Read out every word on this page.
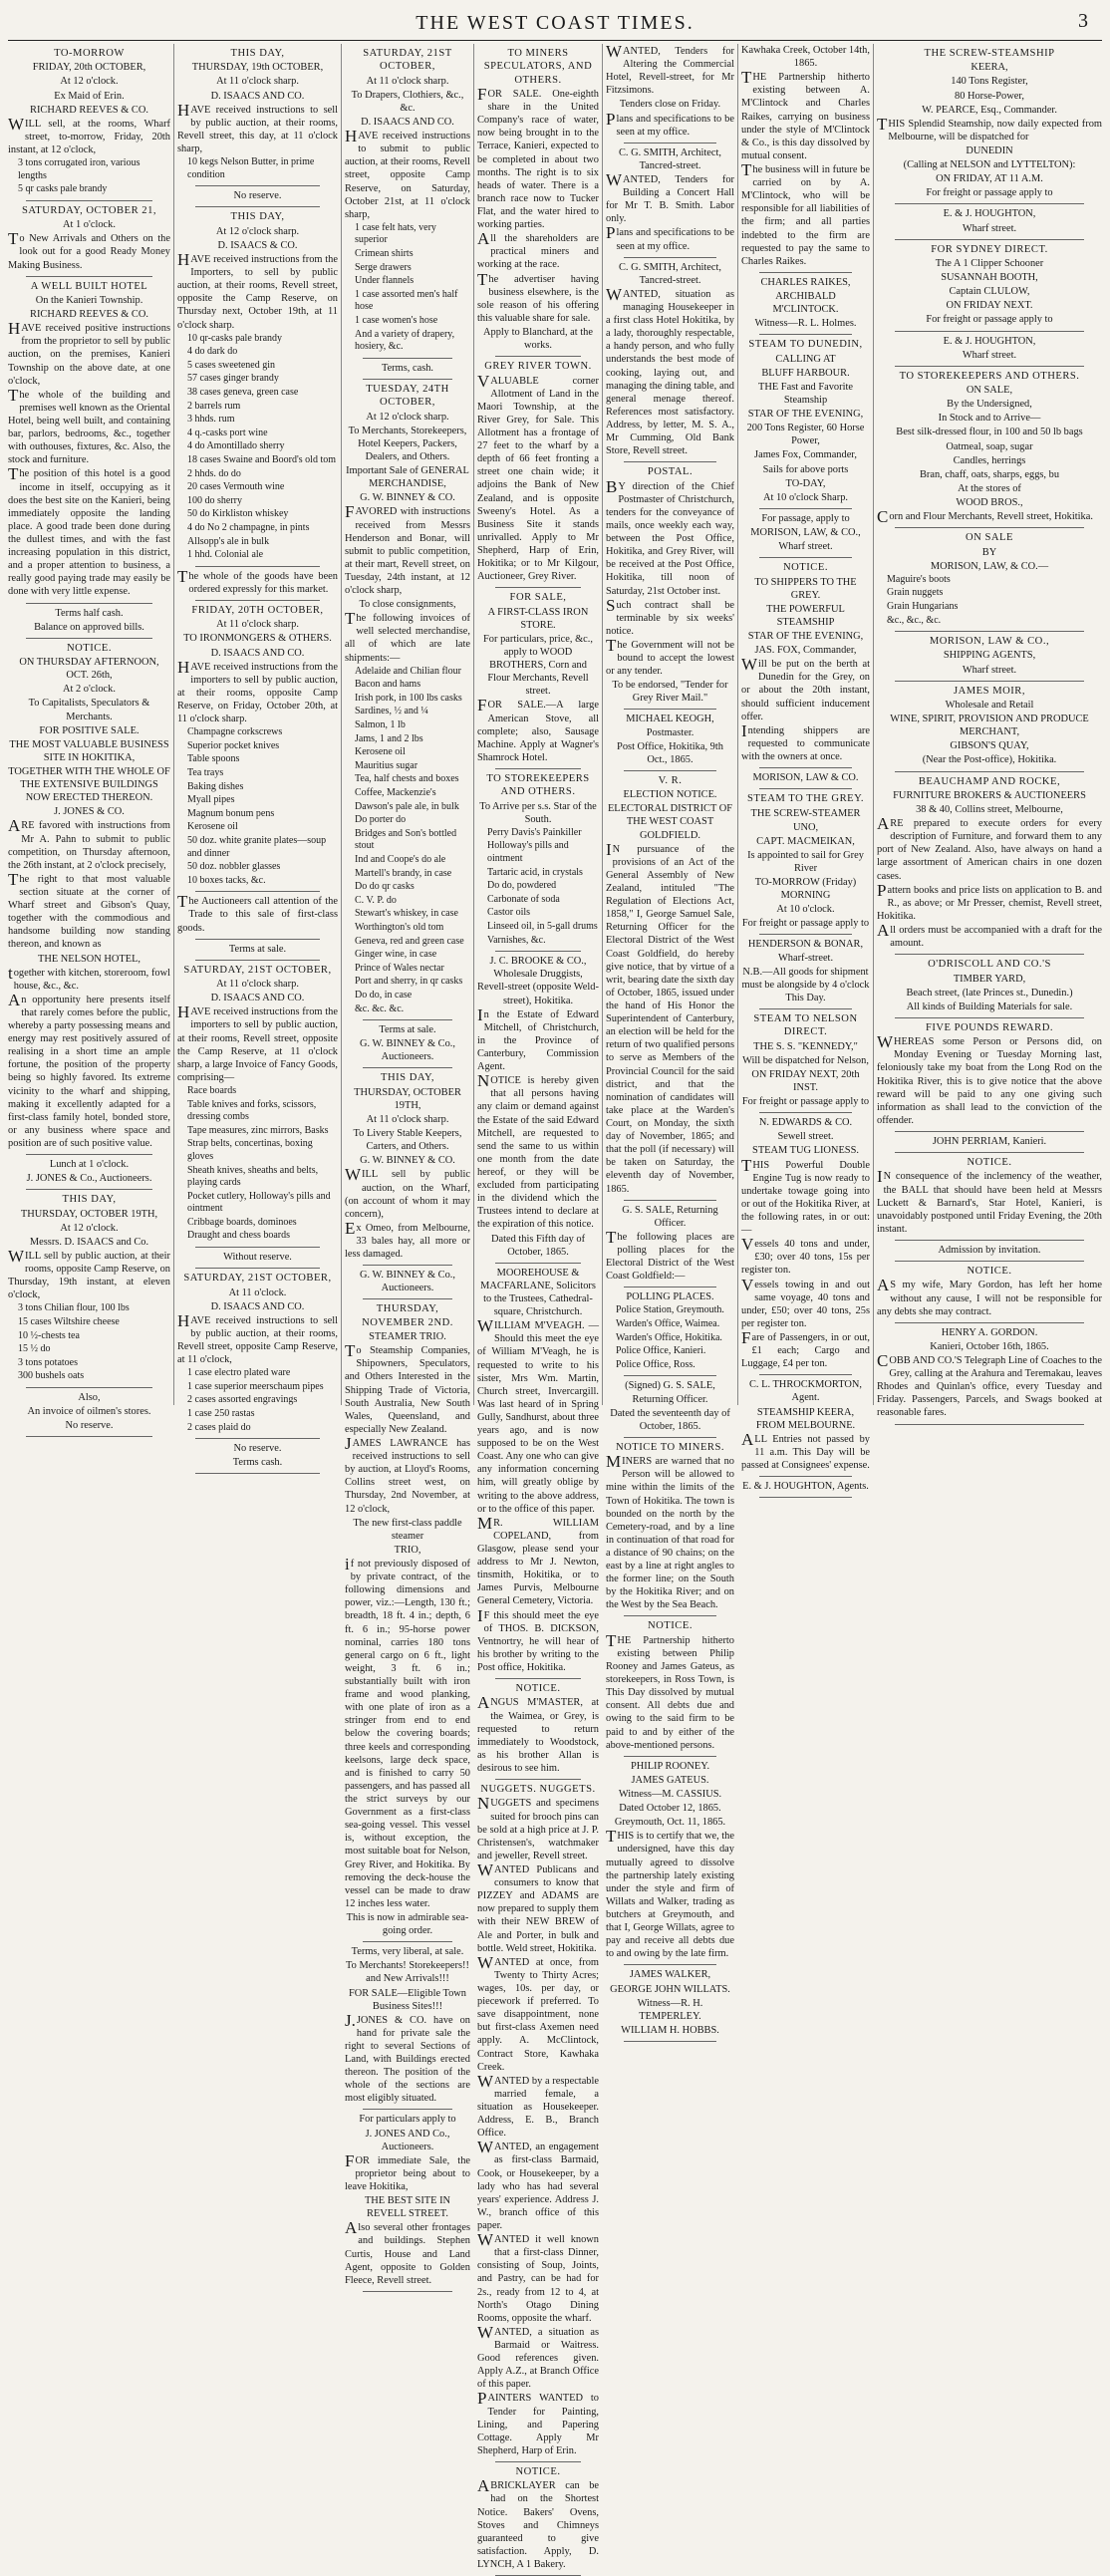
THE WEST COAST TIMES.	3
TO-MORROW
FRIDAY, 20th OCTOBER,
At 12 o'clock.
Ex Maid of Erin.
RICHARD REEVES & CO.
WILL sell, at the rooms, Wharf street, to-morrow, Friday, 20th instant, at 12 o'clock,
3 tons corrugated iron, various lengths
5 qr casks pale brandy
SATURDAY, OCTOBER 21,
At 1 o'clock.
To New Arrivals and Others on the look out for a good Ready Money Making Business.
A WELL BUILT HOTEL
On the Kanieri Township.
RICHARD REEVES & CO.
HAVE received positive instructions from the proprietor to sell by public auction, on the premises, Kanieri Township on the above date, at one o'clock,
The whole of the building and premises well known as the Oriental Hotel, being well built, and containing bar, parlors, bedrooms, &c., together with outhouses, fixtures, &c. Also, the stock and furniture.
The position of this hotel is a good income in itself, occupying as it does the best site on the Kanieri, being immediately opposite the landing place. A good trade been done during the dullest times, and with the fast increasing population in this district, and a proper attention to business, a really good paying trade may easily be done with very little expense.
Terms half cash.
Balance on approved bills.
NOTICE.
ON THURSDAY AFTERNOON, OCT. 26th,
At 2 o'clock.
To Capitalists, Speculators & Merchants.
FOR POSITIVE SALE.
THE MOST VALUABLE BUSINESS SITE IN HOKITIKA,
TOGETHER WITH THE WHOLE OF THE EXTENSIVE BUILDINGS NOW ERECTED THEREON.
J. JONES & CO.
ARE favored with instructions from Mr A. Pahn to submit to public competition, on Thursday afternoon, the 26th instant, at 2 o'clock precisely,
The right to that most valuable section situate at the corner of Wharf street and Gibson's Quay, together with the commodious and handsome building now standing thereon, and known as
THE NELSON HOTEL,
together with kitchen, storeroom, fowl house, &c., &c.
An opportunity here presents itself that rarely comes before the public, whereby a party possessing means and energy may rest positively assured of realising in a short time an ample fortune, the position of the property being so highly favored. Its extreme vicinity to the wharf and shipping, making it excellently adapted for a first-class family hotel, bonded store, or any business where space and position are of such positive value.
Lunch at 1 o'clock.
J. JONES & Co., Auctioneers.
THIS DAY,
THURSDAY, OCTOBER 19TH,
At 12 o'clock.
Messrs. D. ISAACS and Co.
WILL sell by public auction, at their rooms, opposite Camp Reserve, on Thursday, 19th instant, at eleven o'clock,
3 tons Chilian flour, 100 lbs
15 cases Wiltshire cheese
10 ½-chests tea
15 ½ do
3 tons potatoes
300 bushels oats
Also,
An invoice of oilmen's stores.
No reserve.
THIS DAY,
THURSDAY, 19th OCTOBER,
At 11 o'clock sharp.
D. ISAACS AND CO.
HAVE received instructions to sell by public auction, at their rooms, Revell street, this day, at 11 o'clock sharp,
10 kegs Nelson Butter, in prime condition
No reserve.
THIS DAY,
At 12 o'clock sharp.
D. ISAACS & CO.
HAVE received instructions from the Importers, to sell by public auction, at their rooms, Revell street, opposite the Camp Reserve, on Thursday next, October 19th, at 11 o'clock sharp.
10 qr-casks pale brandy
4 do dark do
5 cases sweetened gin
57 cases ginger brandy
38 cases geneva, green case
2 barrels rum
3 hhds. rum
4 q.-casks port wine
4 do Amontillado sherry
18 cases Swaine and Boord's old tom
2 hhds. do do
20 cases Vermouth wine
100 do sherry
50 do Kirkliston whiskey
4 do No 2 champagne, in pints
Allsopp's ale in bulk
1 hhd. Colonial ale
The whole of the goods have been ordered expressly for this market.
FRIDAY, 20TH OCTOBER,
At 11 o'clock sharp.
TO IRONMONGERS & OTHERS.
D. ISAACS AND CO.
HAVE received instructions from the importers to sell by public auction, at their rooms, opposite Camp Reserve, on Friday, October 20th, at 11 o'clock sharp.
Champagne corkscrews
Superior pocket knives
Table spoons
Tea trays
Baking dishes
Myall pipes
Magnum bonum pens
Kerosene oil
50 doz. white granite plates—soup and dinner
50 doz. nobbler glasses
10 boxes tacks, &c.
The Auctioneers call attention of the Trade to this sale of first-class goods.
Terms at sale.
SATURDAY, 21ST OCTOBER,
At 11 o'clock sharp.
D. ISAACS AND CO.
HAVE received instructions from the importers to sell by public auction, at their rooms, Revell street, opposite the Camp Reserve, at 11 o'clock sharp, a large Invoice of Fancy Goods, comprising—
Race boards
Table knives and forks, scissors, dressing combs
Tape measures, zinc mirrors, Basks
Strap belts, concertinas, boxing gloves
Sheath knives, sheaths and belts, playing cards
Pocket cutlery, Holloway's pills and ointment
Cribbage boards, dominoes
Draught and chess boards
Without reserve.
SATURDAY, 21ST OCTOBER,
At 11 o'clock.
D. ISAACS AND CO.
HAVE received instructions to sell by public auction, at their rooms, Revell street, opposite Camp Reserve, at 11 o'clock,
1 case electro plated ware
1 case superior meerschaum pipes
2 cases assorted engravings
1 case 250 rastas
2 cases plaid do
No reserve.
Terms cash.
SATURDAY, 21ST OCTOBER,
At 11 o'clock sharp.
To Drapers, Clothiers, &c., &c.
D. ISAACS AND CO.
HAVE received instructions to submit to public auction, at their rooms, Revell street, opposite Camp Reserve, on Saturday, October 21st, at 11 o'clock sharp,
1 case felt hats, very superior
Crimean shirts
Serge drawers
Under flannels
1 case assorted men's half hose
1 case women's hose
And a variety of drapery, hosiery, &c.
Terms, cash.
TUESDAY, 24TH OCTOBER,
At 12 o'clock sharp.
To Merchants, Storekeepers, Hotel Keepers, Packers, Dealers, and Others.
Important Sale of GENERAL MERCHANDISE,
G. W. BINNEY & CO.
FAVORED with instructions received from Messrs Henderson and Bonar, will submit to public competition, at their mart, Revell street, on Tuesday, 24th instant, at 12 o'clock sharp,
To close consignments,
The following invoices of well selected merchandise, all of which are late shipments:—
Adelaide and Chilian flour
Bacon and hams
Irish pork, in 100 lbs casks
Sardines, ½ and ¼
Salmon, 1 lb
Jams, 1 and 2 lbs
Kerosene oil
Mauritius sugar
Tea, half chests and boxes
Coffee, Mackenzie's
Dawson's pale ale, in bulk
Do porter do
Bridges and Son's bottled stout
Ind and Coope's do ale
Martell's brandy, in case
Do do qr casks
C. V. P. do
Stewart's whiskey, in case
Worthington's old tom
Geneva, red and green case
Ginger wine, in case
Prince of Wales nectar
Port and sherry, in qr casks
Do do, in case
&c. &c. &c.
Terms at sale.
G. W. BINNEY & Co., Auctioneers.
THIS DAY,
THURSDAY, OCTOBER 19TH,
At 11 o'clock sharp.
To Livery Stable Keepers, Carters, and Others.
G. W. BINNEY & CO.
WILL sell by public auction, on the Wharf, (on account of whom it may concern),
Ex Omeo, from Melbourne, 33 bales hay, all more or less damaged.
G. W. BINNEY & Co., Auctioneers.
THURSDAY, NOVEMBER 2ND.
STEAMER TRIO.
To Steamship Companies, Shipowners, Speculators, and Others Interested in the Shipping Trade of Victoria, South Australia, New South Wales, Queensland, and especially New Zealand.
JAMES LAWRANCE has received instructions to sell by auction, at Lloyd's Rooms, Collins street west, on Thursday, 2nd November, at 12 o'clock,
The new first-class paddle steamer
TRIO,
if not previously disposed of by private contract, of the following dimensions and power, viz.:—Length, 130 ft.; breadth, 18 ft. 4 in.; depth, 6 ft. 6 in.; 95-horse power nominal, carries 180 tons general cargo on 6 ft., light weight, 3 ft. 6 in.; substantially built with iron frame and wood planking, with one plate of iron as a stringer from end to end below the covering boards; three keels and corresponding keelsons, large deck space, and is finished to carry 50 passengers, and has passed all the strict surveys by our Government as a first-class sea-going vessel. This vessel is, without exception, the most suitable boat for Nelson, Grey River, and Hokitika. By removing the deck-house the vessel can be made to draw 12 inches less water.
This is now in admirable sea-going order.
Terms, very liberal, at sale.
To Merchants! Storekeepers!! and New Arrivals!!!
FOR SALE—Eligible Town Business Sites!!!
J.JONES & CO. have on hand for private sale the right to several Sections of Land, with Buildings erected thereon. The position of the whole of the sections are most eligibly situated.
For particulars apply to
J. JONES AND Co., Auctioneers.
FOR immediate Sale, the proprietor being about to leave Hokitika,
THE BEST SITE IN REVELL STREET.
Also several other frontages and buildings. Stephen Curtis, House and Land Agent, opposite to Golden Fleece, Revell street.
TO MINERS SPECULATORS, AND OTHERS.
FOR SALE. One-eighth share in the United Company's race of water, now being brought in to the Terrace, Kanieri, expected to be completed in about two months. The right is to six heads of water. There is a branch race now to Tucker Flat, and the water hired to working parties.
All the shareholders are practical miners and working at the race.
The advertiser having business elsewhere, is the sole reason of his offering this valuable share for sale.
Apply to Blanchard, at the works.
GREY RIVER TOWN.
VALUABLE corner Allotment of Land in the Maori Township, at the River Grey, for Sale. This Allotment has a frontage of 27 feet to the wharf by a depth of 66 feet fronting a street one chain wide; it adjoins the Bank of New Zealand, and is opposite Sweeny's Hotel. As a Business Site it stands unrivalled. Apply to Mr Shepherd, Harp of Erin, Hokitika; or to Mr Kilgour, Auctioneer, Grey River.
FOR SALE,
A FIRST-CLASS IRON STORE.
For particulars, price, &c., apply to WOOD BROTHERS, Corn and Flour Merchants, Revell street.
FOR SALE.—A large American Stove, all complete; also, Sausage Machine. Apply at Wagner's Shamrock Hotel.
TO STOREKEEPERS AND OTHERS.
To Arrive per s.s. Star of the South.
Perry Davis's Painkiller
Holloway's pills and ointment
Tartaric acid, in crystals
Do do, powdered
Carbonate of soda
Castor oils
Linseed oil, in 5-gall drums
Varnishes, &c.
J. C. BROOKE & CO., Wholesale Druggists, Revell-street (opposite Weld-street), Hokitika.
In the Estate of Edward Mitchell, of Christchurch, in the Province of Canterbury, Commission Agent.
NOTICE is hereby given that all persons having any claim or demand against the Estate of the said Edward Mitchell, are requested to send the same to us within one month from the date hereof, or they will be excluded from participating in the dividend which the Trustees intend to declare at the expiration of this notice.
Dated this Fifth day of October, 1865.
MOOREHOUSE & MACFARLANE, Solicitors to the Trustees, Cathedral-square, Christchurch.
WILLIAM M'VEAGH. — Should this meet the eye of William M'Veagh, he is requested to write to his sister, Mrs Wm. Martin, Church street, Invercargill. Was last heard of in Spring Gully, Sandhurst, about three years ago, and is now supposed to be on the West Coast. Any one who can give any information concerning him, will greatly oblige by writing to the above address, or to the office of this paper.
MR. WILLIAM COPELAND, from Glasgow, please send your address to Mr J. Newton, tinsmith, Hokitika, or to James Purvis, Melbourne General Cemetery, Victoria.
IF this should meet the eye of THOS. B. DICKSON, Ventnortry, he will hear of his brother by writing to the Post office, Hokitika.
NOTICE.
ANGUS M'MASTER, at the Waimea, or Grey, is requested to return immediately to Woodstock, as his brother Allan is desirous to see him.
NUGGETS. NUGGETS.
NUGGETS and specimens suited for brooch pins can be sold at a high price at J. P. Christensen's, watchmaker and jeweller, Revell street.
WANTED Publicans and consumers to know that PIZZEY and ADAMS are now prepared to supply them with their NEW BREW of Ale and Porter, in bulk and bottle. Weld street, Hokitika.
WANTED at once, from Twenty to Thirty Acres; wages, 10s. per day, or piecework if preferred. To save disappointment, none but first-class Axemen need apply. A. McClintock, Contract Store, Kawhaka Creek.
WANTED by a respectable married female, a situation as Housekeeper. Address, E. B., Branch Office.
WANTED, an engagement as first-class Barmaid, Cook, or Housekeeper, by a lady who has had several years' experience. Address J. W., branch office of this paper.
WANTED it well known that a first-class Dinner, consisting of Soup, Joints, and Pastry, can be had for 2s., ready from 12 to 4, at North's Otago Dining Rooms, opposite the wharf.
WANTED, a situation as Barmaid or Waitress. Good references given. Apply A.Z., at Branch Office of this paper.
PAINTERS WANTED to Tender for Painting, Lining, and Papering Cottage. Apply Mr Shepherd, Harp of Erin.
NOTICE.
ABRICKLAYER can be had on the Shortest Notice. Bakers' Ovens, Stoves and Chimneys guaranteed to give satisfaction. Apply, D. LYNCH, A 1 Bakery.
WANTED, Tenders for Altering the Commercial Hotel, Revell-street, for Mr Fitzsimons.
Tenders close on Friday.
Plans and specifications to be seen at my office.
C. G. SMITH, Architect, Tancred-street.
WANTED, Tenders for Building a Concert Hall for Mr T. B. Smith. Labor only.
Plans and specifications to be seen at my office.
C. G. SMITH, Architect, Tancred-street.
WANTED, situation as managing Housekeeper in a first class Hotel Hokitika, by a lady, thoroughly respectable, a handy person, and who fully understands the best mode of cooking, laying out, and managing the dining table, and general menage thereof. References most satisfactory. Address, by letter, M. S. A., Mr Cumming, Old Bank Store, Revell street.
POSTAL.
BY direction of the Chief Postmaster of Christchurch, tenders for the conveyance of mails, once weekly each way, between the Post Office, Hokitika, and Grey River, will be received at the Post Office, Hokitika, till noon of Saturday, 21st October inst.
Such contract shall be terminable by six weeks' notice.
The Government will not be bound to accept the lowest or any tender.
To be endorsed, "Tender for Grey River Mail."
MICHAEL KEOGH, Postmaster.
Post Office, Hokitika, 9th Oct., 1865.
V. R.
ELECTION NOTICE.
ELECTORAL DISTRICT OF THE WEST COAST GOLDFIELD.
IN pursuance of the provisions of an Act of the General Assembly of New Zealand, intituled "The Regulation of Elections Act, 1858," I, George Samuel Sale, Returning Officer for the Electoral District of the West Coast Goldfield, do hereby give notice, that by virtue of a writ, bearing date the sixth day of October, 1865, issued under the hand of His Honor the Superintendent of Canterbury, an election will be held for the return of two qualified persons to serve as Members of the Provincial Council for the said district, and that the nomination of candidates will take place at the Warden's Court, on Monday, the sixth day of November, 1865; and that the poll (if necessary) will be taken on Saturday, the eleventh day of November, 1865.
G. S. SALE, Returning Officer.
The following places are polling places for the Electoral District of the West Coast Goldfield:—
POLLING PLACES.
Police Station, Greymouth.
Warden's Office, Waimea.
Warden's Office, Hokitika.
Police Office, Kanieri.
Police Office, Ross.
(Signed) G. S. SALE, Returning Officer.
Dated the seventeenth day of October, 1865.
NOTICE TO MINERS.
MINERS are warned that no Person will be allowed to mine within the limits of the Town of Hokitika. The town is bounded on the north by the Cemetery-road, and by a line in continuation of that road for a distance of 90 chains; on the east by a line at right angles to the former line; on the South by the Hokitika River; and on the West by the Sea Beach.
NOTICE.
THE Partnership hitherto existing between Philip Rooney and James Gateus, as storekeepers, in Ross Town, is This Day dissolved by mutual consent. All debts due and owing to the said firm to be paid to and by either of the above-mentioned persons.
PHILIP ROONEY.
JAMES GATEUS.
Witness—M. CASSIUS.
Dated October 12, 1865.
Greymouth, Oct. 11, 1865.
THIS is to certify that we, the undersigned, have this day mutually agreed to dissolve the partnership lately existing under the style and firm of Willats and Walker, trading as butchers at Greymouth, and that I, George Willats, agree to pay and receive all debts due to and owing by the late firm.
JAMES WALKER,
GEORGE JOHN WILLATS.
Witness—R. H. TEMPERLEY.
WILLIAM H. HOBBS.
Kawhaka Creek, October 14th, 1865.
THE Partnership hitherto existing between A. M'Clintock and Charles Raikes, carrying on business under the style of M'Clintock & Co., is this day dissolved by mutual consent.
The business will in future be carried on by A. M'Clintock, who will be responsible for all liabilities of the firm; and all parties indebted to the firm are requested to pay the same to Charles Raikes.
CHARLES RAIKES,
ARCHIBALD M'CLINTOCK.
Witness—R. L. Holmes.
STEAM TO DUNEDIN,
CALLING AT
BLUFF HARBOUR.
THE Fast and Favorite Steamship
STAR OF THE EVENING,
200 Tons Register, 60 Horse Power,
James Fox, Commander,
Sails for above ports
TO-DAY,
At 10 o'clock Sharp.
For passage, apply to
MORISON, LAW, & CO.,
Wharf street.
NOTICE.
TO SHIPPERS TO THE GREY.
THE POWERFUL STEAMSHIP
STAR OF THE EVENING,
JAS. FOX, Commander,
Will be put on the berth at Dunedin for the Grey, on or about the 20th instant, should sufficient inducement offer.
Intending shippers are requested to communicate with the owners at once.
MORISON, LAW & CO.
STEAM TO THE GREY.
THE SCREW-STEAMER
UNO,
CAPT. MACMEIKAN,
Is appointed to sail for Grey River
TO-MORROW (Friday) MORNING
At 10 o'clock.
For freight or passage apply to
HENDERSON & BONAR, Wharf-street.
N.B.—All goods for shipment must be alongside by 4 o'clock This Day.
STEAM TO NELSON DIRECT.
THE S. S. "KENNEDY,"
Will be dispatched for Nelson,
ON FRIDAY NEXT, 20th INST.
For freight or passage apply to
N. EDWARDS & CO.
Sewell street.
STEAM TUG LIONESS.
THIS Powerful Double Engine Tug is now ready to undertake towage going into or out of the Hokitika River, at the following rates, in or out:—
Vessels 40 tons and under, £30; over 40 tons, 15s per register ton.
Vessels towing in and out same voyage, 40 tons and under, £50; over 40 tons, 25s per register ton.
Fare of Passengers, in or out, £1 each; Cargo and Luggage, £4 per ton.
C. L. THROCKMORTON, Agent.
STEAMSHIP KEERA, FROM MELBOURNE.
ALL Entries not passed by 11 a.m. This Day will be passed at Consignees' expense.
E. & J. HOUGHTON, Agents.
THE SCREW-STEAMSHIP
KEERA,
140 Tons Register,
80 Horse-Power,
W. PEARCE, Esq., Commander.
THIS Splendid Steamship, now daily expected from Melbourne, will be dispatched for
DUNEDIN
(Calling at NELSON and LYTTELTON):
ON FRIDAY, AT 11 A.M.
For freight or passage apply to
E. & J. HOUGHTON,
Wharf street.
FOR SYDNEY DIRECT.
The A 1 Clipper Schooner
SUSANNAH BOOTH,
Captain CLULOW,
ON FRIDAY NEXT.
For freight or passage apply to
E. & J. HOUGHTON,
Wharf street.
TO STOREKEEPERS AND OTHERS.
ON SALE,
By the Undersigned,
In Stock and to Arrive—
Best silk-dressed flour, in 100 and 50 lb bags
Oatmeal, soap, sugar
Candles, herrings
Bran, chaff, oats, sharps, eggs, bu
At the stores of
WOOD BROS.,
Corn and Flour Merchants, Revell street, Hokitika.
ON SALE
BY
MORISON, LAW, & CO.—
Maguire's boots
Grain nuggets
Grain Hungarians
&c., &c., &c.
MORISON, LAW & CO.,
SHIPPING AGENTS,
Wharf street.
JAMES MOIR,
Wholesale and Retail
WINE, SPIRIT, PROVISION AND PRODUCE MERCHANT,
GIBSON'S QUAY,
(Near the Post-office), Hokitika.
BEAUCHAMP AND ROCKE,
FURNITURE BROKERS & AUCTIONEERS
38 & 40, Collins street, Melbourne,
ARE prepared to execute orders for every description of Furniture, and forward them to any port of New Zealand. Also, have always on hand a large assortment of American chairs in one dozen cases.
Pattern books and price lists on application to B. and R., as above; or Mr Presser, chemist, Revell street, Hokitika.
All orders must be accompanied with a draft for the amount.
O'DRISCOLL AND CO.'S
TIMBER YARD,
Beach street, (late Princes st., Dunedin.)
All kinds of Building Materials for sale.
FIVE POUNDS REWARD.
WHEREAS some Person or Persons did, on Monday Evening or Tuesday Morning last, feloniously take my boat from the Long Rod on the Hokitika River, this is to give notice that the above reward will be paid to any one giving such information as shall lead to the conviction of the offender.
JOHN PERRIAM, Kanieri.
NOTICE.
IN consequence of the inclemency of the weather, the BALL that should have been held at Messrs Luckett & Barnard's, Star Hotel, Kanieri, is unavoidably postponed until Friday Evening, the 20th instant.
Admission by invitation.
NOTICE.
AS my wife, Mary Gordon, has left her home without any cause, I will not be responsible for any debts she may contract.
HENRY A. GORDON.
Kanieri, October 16th, 1865.
COBB AND CO.'S Telegraph Line of Coaches to the Grey, calling at the Arahura and Teremakau, leaves Rhodes and Quinlan's office, every Tuesday and Friday. Passengers, Parcels, and Swags booked at reasonable fares.
